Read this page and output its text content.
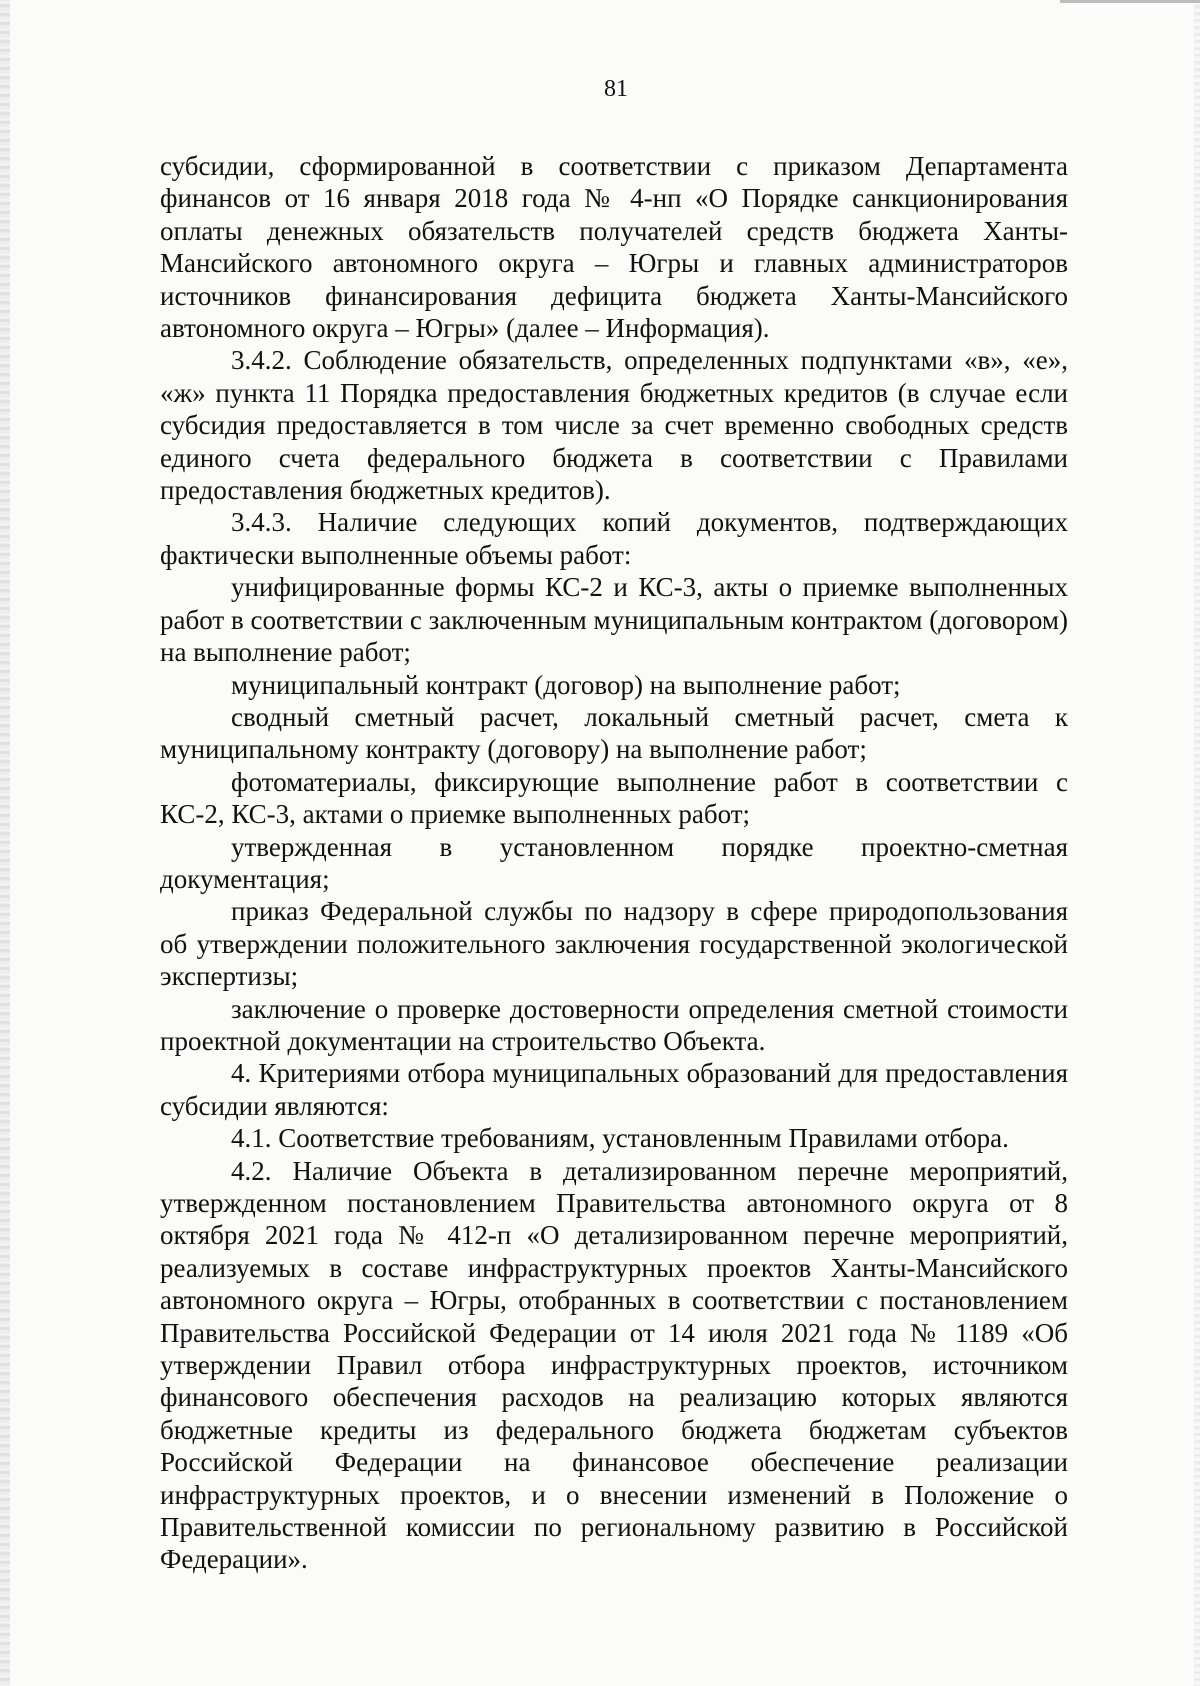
81

субсидии, сформированной в соответствии с приказом Департамента финансов от 16 января 2018 года № 4-нп «О Порядке санкционирования оплаты денежных обязательств получателей средств бюджета Ханты-Мансийского автономного округа – Югры и главных администраторов источников финансирования дефицита бюджета Ханты-Мансийского автономного округа – Югры» (далее – Информация).

3.4.2. Соблюдение обязательств, определенных подпунктами «в», «е», «ж» пункта 11 Порядка предоставления бюджетных кредитов (в случае если субсидия предоставляется в том числе за счет временно свободных средств единого счета федерального бюджета в соответствии с Правилами предоставления бюджетных кредитов).

3.4.3. Наличие следующих копий документов, подтверждающих фактически выполненные объемы работ:

унифицированные формы КС-2 и КС-3, акты о приемке выполненных работ в соответствии с заключенным муниципальным контрактом (договором) на выполнение работ;

муниципальный контракт (договор) на выполнение работ;

сводный сметный расчет, локальный сметный расчет, смета к муниципальному контракту (договору) на выполнение работ;

фотоматериалы, фиксирующие выполнение работ в соответствии с КС-2, КС-3, актами о приемке выполненных работ;

утвержденная в установленном порядке проектно-сметная документация;

приказ Федеральной службы по надзору в сфере природопользования об утверждении положительного заключения государственной экологической экспертизы;

заключение о проверке достоверности определения сметной стоимости проектной документации на строительство Объекта.

4. Критериями отбора муниципальных образований для предоставления субсидии являются:

4.1. Соответствие требованиям, установленным Правилами отбора.

4.2. Наличие Объекта в детализированном перечне мероприятий, утвержденном постановлением Правительства автономного округа от 8 октября 2021 года № 412-п «О детализированном перечне мероприятий, реализуемых в составе инфраструктурных проектов Ханты-Мансийского автономного округа – Югры, отобранных в соответствии с постановлением Правительства Российской Федерации от 14 июля 2021 года № 1189 «Об утверждении Правил отбора инфраструктурных проектов, источником финансового обеспечения расходов на реализацию которых являются бюджетные кредиты из федерального бюджета бюджетам субъектов Российской Федерации на финансовое обеспечение реализации инфраструктурных проектов, и о внесении изменений в Положение о Правительственной комиссии по региональному развитию в Российской Федерации».
